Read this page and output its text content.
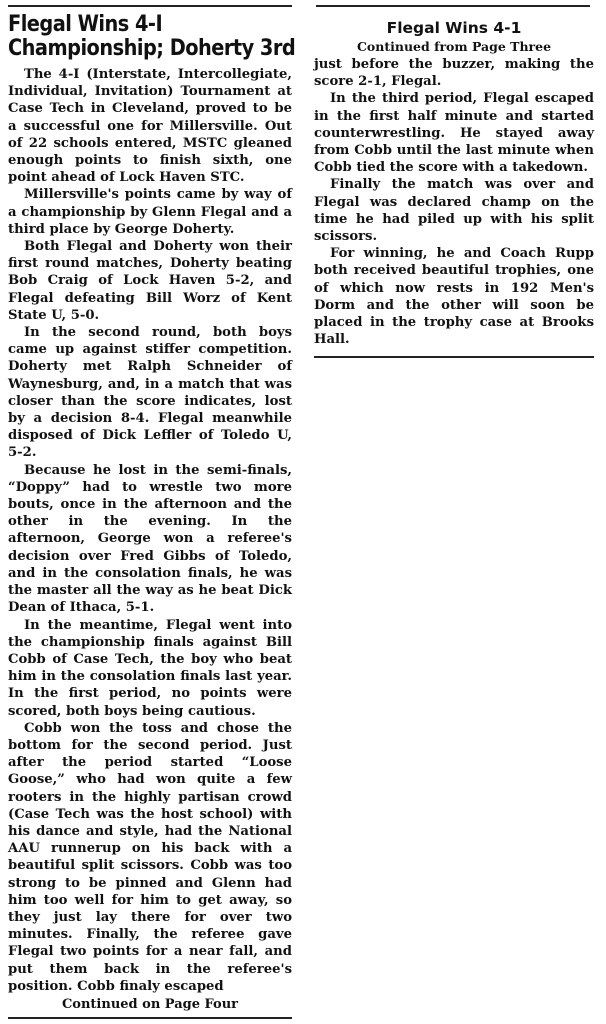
Flegal Wins 4-I
Championship; Doherty 3rd

The 4-I (Interstate, Intercollegiate, Individual, Invitation) Tournament at Case Tech in Cleveland, proved to be a successful one for Millersville. Out of 22 schools entered, MSTC gleaned enough points to finish sixth, one point ahead of Lock Haven STC.

Millersville's points came by way of a championship by Glenn Flegal and a third place by George Doherty.

Both Flegal and Doherty won their first round matches, Doherty beating Bob Craig of Lock Haven 5-2, and Flegal defeating Bill Worz of Kent State U, 5-0.

In the second round, both boys came up against stiffer competition. Doherty met Ralph Schneider of Waynesburg, and, in a match that was closer than the score indicates, lost by a decision 8-4. Flegal meanwhile disposed of Dick Leffler of Toledo U, 5-2.

Because he lost in the semi-finals, “Doppy” had to wrestle two more bouts, once in the afternoon and the other in the evening. In the afternoon, George won a referee's decision over Fred Gibbs of Toledo, and in the consolation finals, he was the master all the way as he beat Dick Dean of Ithaca, 5-1.

In the meantime, Flegal went into the championship finals against Bill Cobb of Case Tech, the boy who beat him in the consolation finals last year. In the first period, no points were scored, both boys being cautious.

Cobb won the toss and chose the bottom for the second period. Just after the period started “Loose Goose,” who had won quite a few rooters in the highly partisan crowd (Case Tech was the host school) with his dance and style, had the National AAU runnerup on his back with a beautiful split scissors. Cobb was too strong to be pinned and Glenn had him too well for him to get away, so they just lay there for over two minutes. Finally, the referee gave Flegal two points for a near fall, and put them back in the referee's position. Cobb finaly escaped

Continued on Page Four
Flegal Wins 4-1
Continued from Page Three

just before the buzzer, making the score 2-1, Flegal.

In the third period, Flegal escaped in the first half minute and started counterwrestling. He stayed away from Cobb until the last minute when Cobb tied the score with a takedown.

Finally the match was over and Flegal was declared champ on the time he had piled up with his split scissors.

For winning, he and Coach Rupp both received beautiful trophies, one of which now rests in 192 Men's Dorm and the other will soon be placed in the trophy case at Brooks Hall.
